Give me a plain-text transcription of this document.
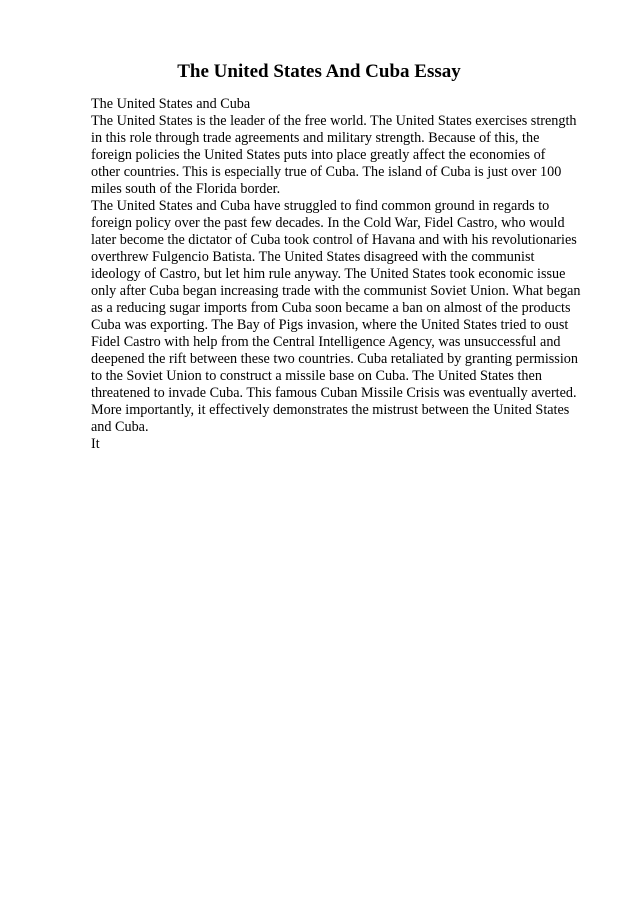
The United States And Cuba Essay
The United States and Cuba
The United States is the leader of the free world. The United States exercises strength
in this role through trade agreements and military strength. Because of this, the
foreign policies the United States puts into place greatly affect the economies of
other countries. This is especially true of Cuba. The island of Cuba is just over 100
miles south of the Florida border.
The United States and Cuba have struggled to find common ground in regards to
foreign policy over the past few decades. In the Cold War, Fidel Castro, who would
later become the dictator of Cuba took control of Havana and with his revolutionaries
overthrew Fulgencio Batista. The United States disagreed with the communist
ideology of Castro, but let him rule anyway. The United States took economic issue
only after Cuba began increasing trade with the communist Soviet Union. What began
as a reducing sugar imports from Cuba soon became a ban on almost of the products
Cuba was exporting. The Bay of Pigs invasion, where the United States tried to oust
Fidel Castro with help from the Central Intelligence Agency, was unsuccessful and
deepened the rift between these two countries. Cuba retaliated by granting permission
to the Soviet Union to construct a missile base on Cuba. The United States then
threatened to invade Cuba. This famous Cuban Missile Crisis was eventually averted.
More importantly, it effectively demonstrates the mistrust between the United States
and Cuba.
It
